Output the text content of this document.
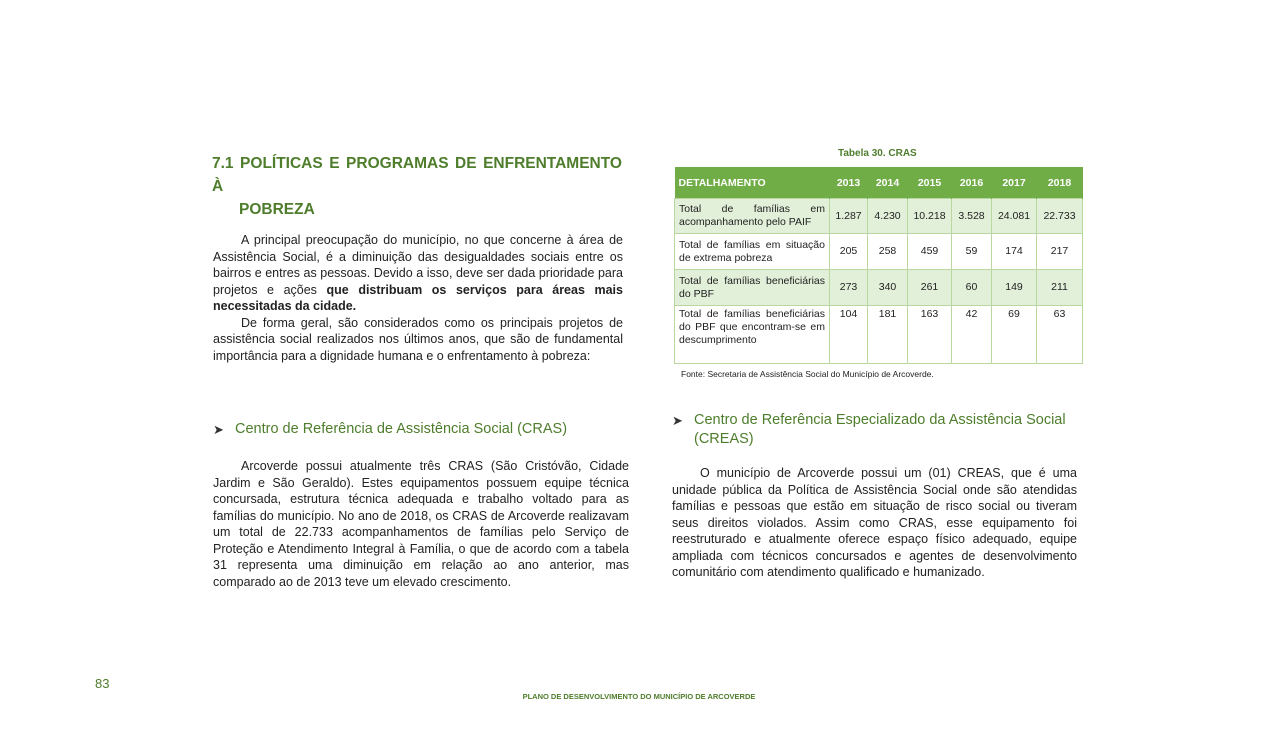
7.1 POLÍTICAS E PROGRAMAS DE ENFRENTAMENTO À
POBREZA

A principal preocupação do município, no que concerne à área de Assistência Social, é a diminuição das desigualdades sociais entre os bairros e entres as pessoas. Devido a isso, deve ser dada prioridade para projetos e ações que distribuam os serviços para áreas mais necessitadas da cidade.

De forma geral, são considerados como os principais projetos de assistência social realizados nos últimos anos, que são de fundamental importância para a dignidade humana e o enfrentamento à pobreza:

➤ Centro de Referência de Assistência Social (CRAS)

Arcoverde possui atualmente três CRAS (São Cristóvão, Cidade Jardim e São Geraldo). Estes equipamentos possuem equipe técnica concursada, estrutura técnica adequada e trabalho voltado para as famílias do município. No ano de 2018, os CRAS de Arcoverde realizavam um total de 22.733 acompanhamentos de famílias pelo Serviço de Proteção e Atendimento Integral à Família, o que de acordo com a tabela 31 representa uma diminuição em relação ao ano anterior, mas comparado ao de 2013 teve um elevado crescimento.

Tabela 30. CRAS
DETALHAMENTO	2013	2014	2015	2016	2017	2018
Total de famílias em acompanhamento pelo PAIF	1.287	4.230	10.218	3.528	24.081	22.733
Total de famílias em situação de extrema pobreza	205	258	459	59	174	217
Total de famílias beneficiárias do PBF	273	340	261	60	149	211
Total de famílias beneficiárias do PBF que encontram-se em descumprimento	104	181	163	42	69	63
Fonte: Secretaria de Assistência Social do Município de Arcoverde.
➤ Centro de Referência Especializado da Assistência Social (CREAS)

O município de Arcoverde possui um (01) CREAS, que é uma unidade pública da Política de Assistência Social onde são atendidas famílias e pessoas que estão em situação de risco social ou tiveram seus direitos violados. Assim como CRAS, esse equipamento foi reestruturado e atualmente oferece espaço físico adequado, equipe ampliada com técnicos concursados e agentes de desenvolvimento comunitário com atendimento qualificado e humanizado.

83
PLANO DE DESENVOLVIMENTO DO MUNICÍPIO DE ARCOVERDE
